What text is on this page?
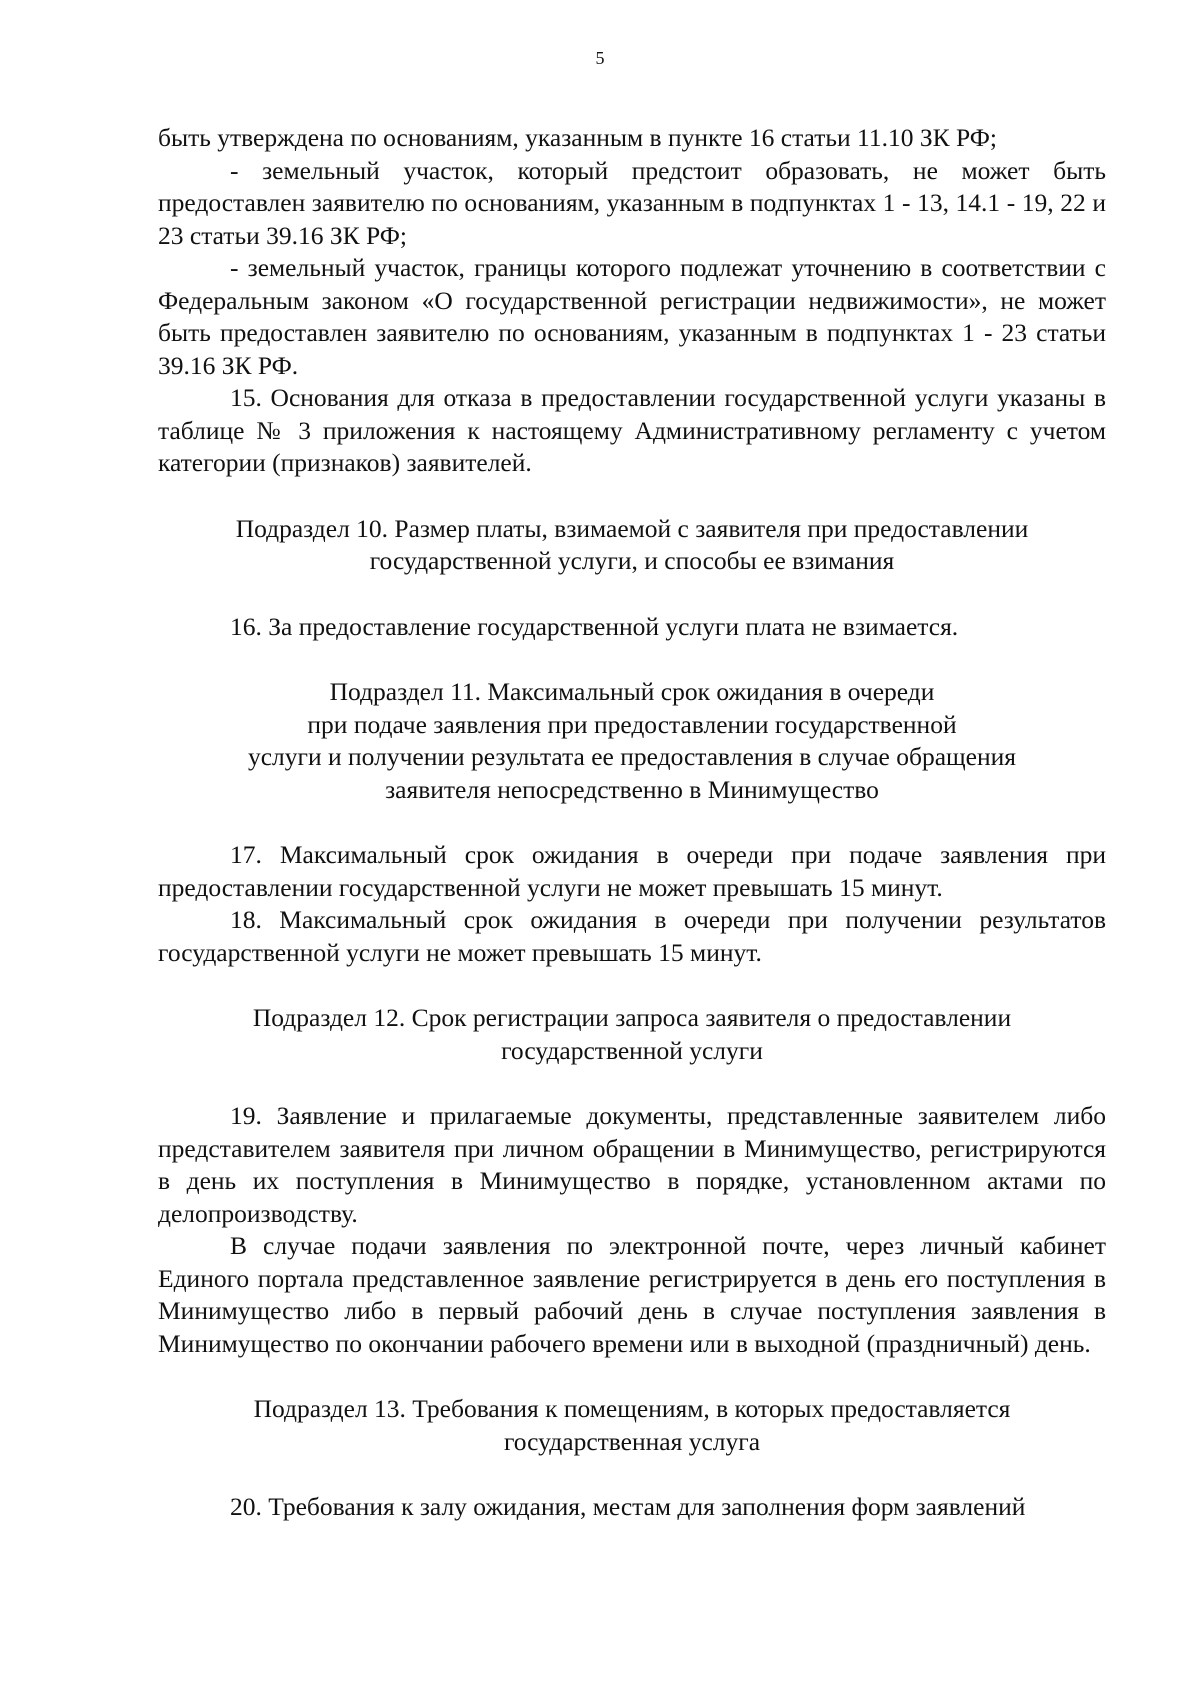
5

быть утверждена по основаниям, указанным в пункте 16 статьи 11.10 ЗК РФ;

- земельный участок, который предстоит образовать, не может быть предоставлен заявителю по основаниям, указанным в подпунктах 1 - 13, 14.1 - 19, 22 и 23 статьи 39.16 ЗК РФ;

- земельный участок, границы которого подлежат уточнению в соответствии с Федеральным законом «О государственной регистрации недвижимости», не может быть предоставлен заявителю по основаниям, указанным в подпунктах 1 - 23 статьи 39.16 ЗК РФ.

15. Основания для отказа в предоставлении государственной услуги указаны в таблице № 3 приложения к настоящему Административному регламенту с учетом категории (признаков) заявителей.

Подраздел 10. Размер платы, взимаемой с заявителя при предоставлении
государственной услуги, и способы ее взимания

16. За предоставление государственной услуги плата не взимается.

Подраздел 11. Максимальный срок ожидания в очереди
при подаче заявления при предоставлении государственной
услуги и получении результата ее предоставления в случае обращения
заявителя непосредственно в Минимущество

17. Максимальный срок ожидания в очереди при подаче заявления при предоставлении государственной услуги не может превышать 15 минут.

18. Максимальный срок ожидания в очереди при получении результатов государственной услуги не может превышать 15 минут.

Подраздел 12. Срок регистрации запроса заявителя о предоставлении
государственной услуги

19. Заявление и прилагаемые документы, представленные заявителем либо представителем заявителя при личном обращении в Минимущество, регистрируются в день их поступления в Минимущество в порядке, установленном актами по делопроизводству.

В случае подачи заявления по электронной почте, через личный кабинет Единого портала представленное заявление регистрируется в день его поступления в Минимущество либо в первый рабочий день в случае поступления заявления в Минимущество по окончании рабочего времени или в выходной (праздничный) день.

Подраздел 13. Требования к помещениям, в которых предоставляется
государственная услуга

20. Требования к залу ожидания, местам для заполнения форм заявлений
